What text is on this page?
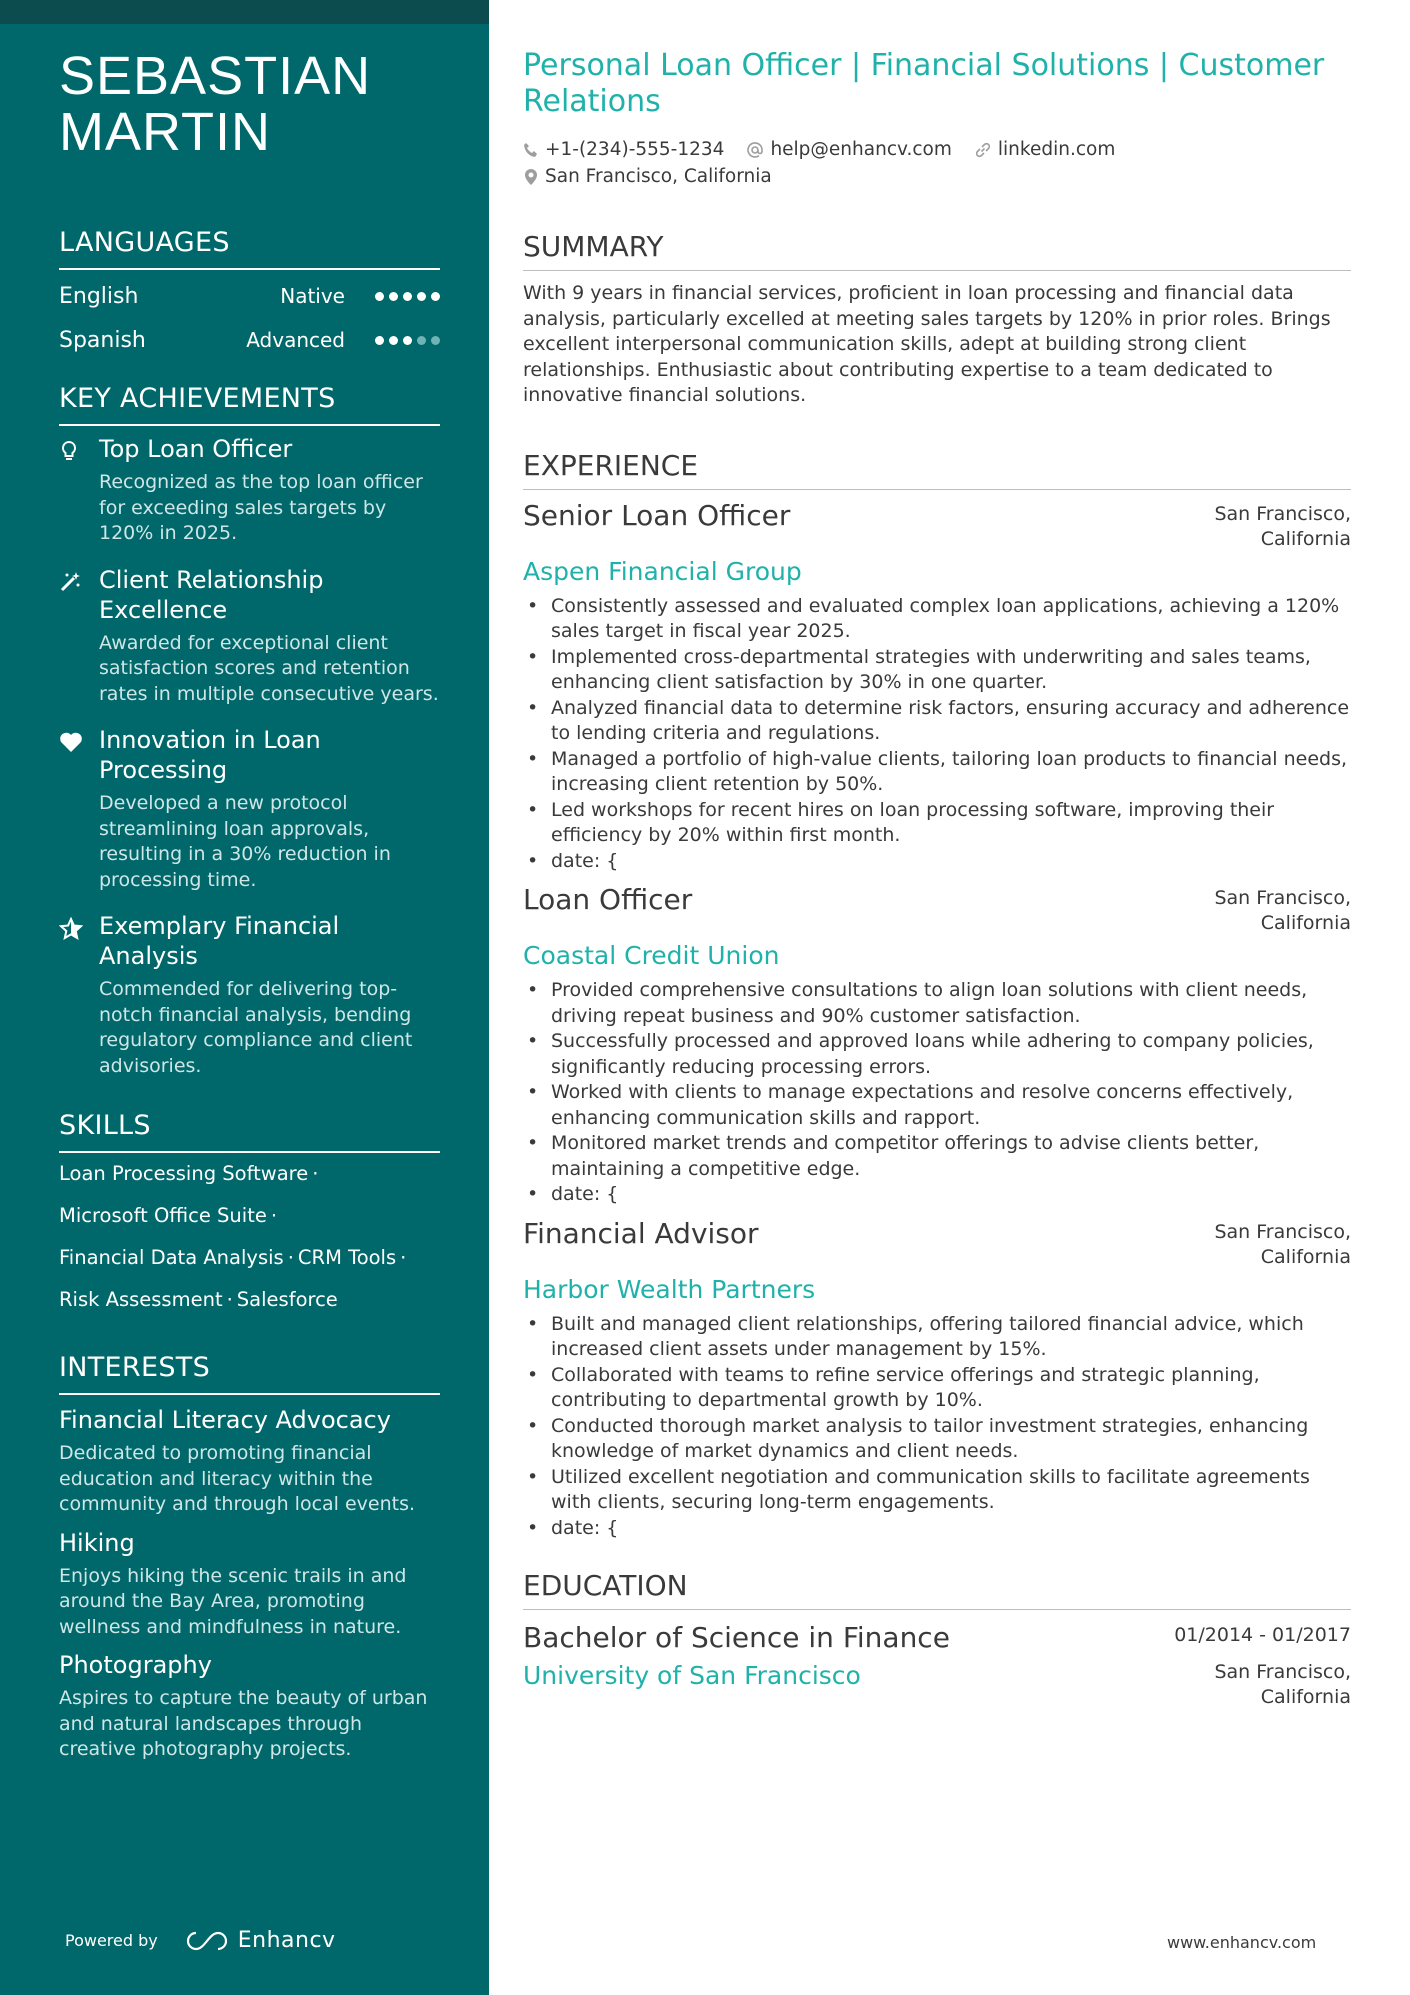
SEBASTIAN
MARTIN
LANGUAGES
English	Native
Spanish	Advanced
KEY ACHIEVEMENTS
Top Loan Officer
Recognized as the top loan officer for exceeding sales targets by 120% in 2025.
Client Relationship Excellence
Awarded for exceptional client satisfaction scores and retention rates in multiple consecutive years.
Innovation in Loan Processing
Developed a new protocol streamlining loan approvals, resulting in a 30% reduction in processing time.
Exemplary Financial Analysis
Commended for delivering top-notch financial analysis, bending regulatory compliance and client advisories.
SKILLS
Loan Processing Software ·
Microsoft Office Suite ·
Financial Data Analysis · CRM Tools ·
Risk Assessment · Salesforce
INTERESTS
Financial Literacy Advocacy
Dedicated to promoting financial education and literacy within the community and through local events.
Hiking
Enjoys hiking the scenic trails in and around the Bay Area, promoting wellness and mindfulness in nature.
Photography
Aspires to capture the beauty of urban and natural landscapes through creative photography projects.
Powered by	Enhancv
Personal Loan Officer | Financial Solutions | Customer Relations
+1-(234)-555-1234 help@enhancv.com linkedin.com
San Francisco, California
SUMMARY
With 9 years in financial services, proficient in loan processing and financial data analysis, particularly excelled at meeting sales targets by 120% in prior roles. Brings excellent interpersonal communication skills, adept at building strong client relationships. Enthusiastic about contributing expertise to a team dedicated to innovative financial solutions.
EXPERIENCE
Senior Loan Officer	San Francisco,
California
Aspen Financial Group
• Consistently assessed and evaluated complex loan applications, achieving a 120% sales target in fiscal year 2025.
• Implemented cross-departmental strategies with underwriting and sales teams, enhancing client satisfaction by 30% in one quarter.
• Analyzed financial data to determine risk factors, ensuring accuracy and adherence to lending criteria and regulations.
• Managed a portfolio of high-value clients, tailoring loan products to financial needs, increasing client retention by 50%.
• Led workshops for recent hires on loan processing software, improving their efficiency by 20% within first month.
• date: {
Loan Officer	San Francisco,
California
Coastal Credit Union
• Provided comprehensive consultations to align loan solutions with client needs, driving repeat business and 90% customer satisfaction.
• Successfully processed and approved loans while adhering to company policies, significantly reducing processing errors.
• Worked with clients to manage expectations and resolve concerns effectively, enhancing communication skills and rapport.
• Monitored market trends and competitor offerings to advise clients better, maintaining a competitive edge.
• date: {
Financial Advisor	San Francisco,
California
Harbor Wealth Partners
• Built and managed client relationships, offering tailored financial advice, which increased client assets under management by 15%.
• Collaborated with teams to refine service offerings and strategic planning, contributing to departmental growth by 10%.
• Conducted thorough market analysis to tailor investment strategies, enhancing knowledge of market dynamics and client needs.
• Utilized excellent negotiation and communication skills to facilitate agreements with clients, securing long-term engagements.
• date: {
EDUCATION
Bachelor of Science in Finance	01/2014 - 01/2017
University of San Francisco	San Francisco,
California
www.enhancv.com
